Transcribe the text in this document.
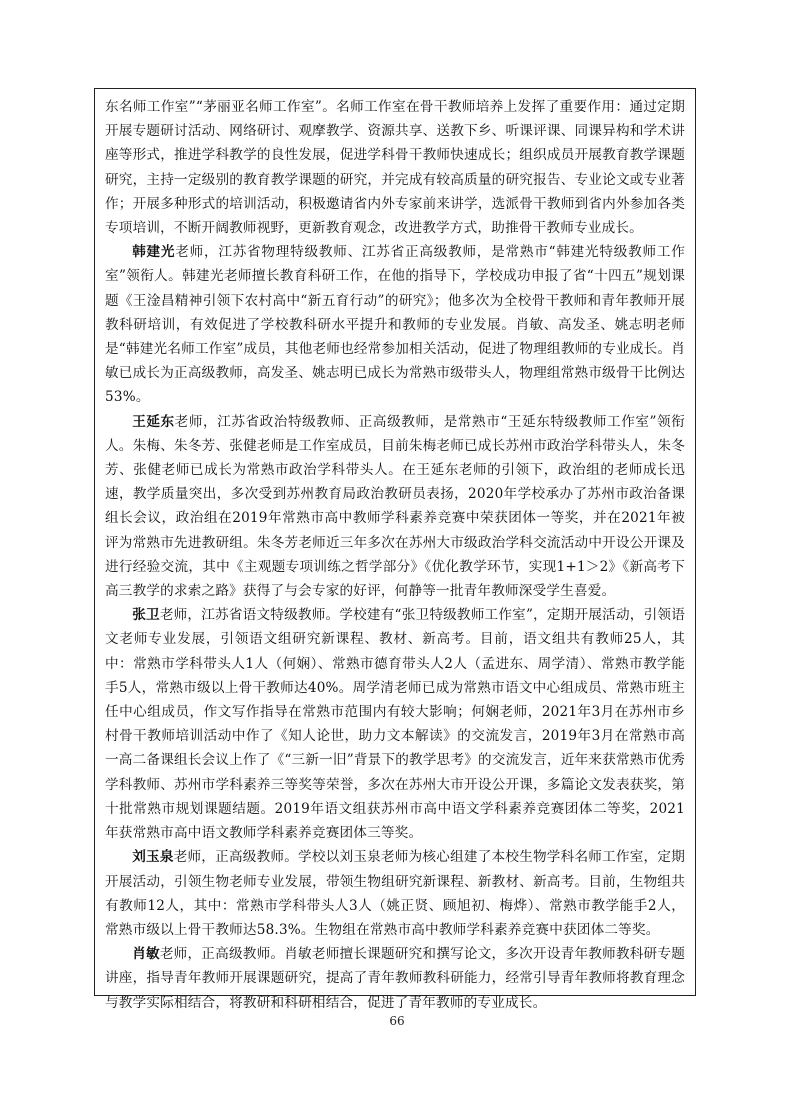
东名师工作室”“茅丽亚名师工作室”。名师工作室在骨干教师培养上发挥了重要作用：通过定期开展专题研讨活动、网络研讨、观摩教学、资源共享、送教下乡、听课评课、同课异构和学术讲座等形式，推进学科教学的良性发展，促进学科骨干教师快速成长；组织成员开展教育教学课题研究，主持一定级别的教育教学课题的研究，并完成有较高质量的研究报告、专业论文或专业著作；开展多种形式的培训活动，积极邀请省内外专家前来讲学，选派骨干教师到省内外参加各类专项培训，不断开阔教师视野，更新教育观念，改进教学方式，助推骨干教师专业成长。

韩建光老师，江苏省物理特级教师、江苏省正高级教师，是常熟市“韩建光特级教师工作室”领衔人。韩建光老师擅长教育科研工作，在他的指导下，学校成功申报了省“十四五”规划课题《王淦昌精神引领下农村高中“新五育行动”的研究》；他多次为全校骨干教师和青年教师开展教科研培训，有效促进了学校教科研水平提升和教师的专业发展。肖敏、高发圣、姚志明老师是“韩建光名师工作室”成员，其他老师也经常参加相关活动，促进了物理组教师的专业成长。肖敏已成长为正高级教师，高发圣、姚志明已成长为常熟市级带头人，物理组常熟市级骨干比例达53%。

王延东老师，江苏省政治特级教师、正高级教师，是常熟市“王延东特级教师工作室”领衔人。朱梅、朱冬芳、张健老师是工作室成员，目前朱梅老师已成长苏州市政治学科带头人，朱冬芳、张健老师已成长为常熟市政治学科带头人。在王延东老师的引领下，政治组的老师成长迅速，教学质量突出，多次受到苏州教育局政治教研员表扬，2020年学校承办了苏州市政治备课组长会议，政治组在2019年常熟市高中教师学科素养竞赛中荣获团体一等奖，并在2021年被评为常熟市先进教研组。朱冬芳老师近三年多次在苏州大市级政治学科交流活动中开设公开课及进行经验交流，其中《主观题专项训练之哲学部分》《优化教学环节，实现1+1＞2》《新高考下高三教学的求索之路》获得了与会专家的好评，何静等一批青年教师深受学生喜爱。

张卫老师，江苏省语文特级教师。学校建有“张卫特级教师工作室”，定期开展活动，引领语文老师专业发展，引领语文组研究新课程、教材、新高考。目前，语文组共有教师25人，其中：常熟市学科带头人1人（何娴）、常熟市德育带头人2人（孟进东、周学清）、常熟市教学能手5人，常熟市级以上骨干教师达40%。周学清老师已成为常熟市语文中心组成员、常熟市班主任中心组成员，作文写作指导在常熟市范围内有较大影响；何娴老师，2021年3月在苏州市乡村骨干教师培训活动中作了《知人论世，助力文本解读》的交流发言，2019年3月在常熟市高一高二备课组长会议上作了《“三新一旧”背景下的教学思考》的交流发言，近年来获常熟市优秀学科教师、苏州市学科素养三等奖等荣誉，多次在苏州大市开设公开课，多篇论文发表获奖，第十批常熟市规划课题结题。2019年语文组获苏州市高中语文学科素养竞赛团体二等奖，2021年获常熟市高中语文教师学科素养竞赛团体三等奖。

刘玉泉老师，正高级教师。学校以刘玉泉老师为核心组建了本校生物学科名师工作室，定期开展活动，引领生物老师专业发展，带领生物组研究新课程、新教材、新高考。目前，生物组共有教师12人，其中：常熟市学科带头人3人（姚正贤、顾旭初、梅烨）、常熟市教学能手2人，常熟市级以上骨干教师达58.3%。生物组在常熟市高中教师学科素养竞赛中获团体二等奖。

肖敏老师，正高级教师。肖敏老师擅长课题研究和撰写论文，多次开设青年教师教科研专题讲座，指导青年教师开展课题研究，提高了青年教师教科研能力，经常引导青年教师将教育理念与教学实际相结合，将教研和科研相结合，促进了青年教师的专业成长。

66
